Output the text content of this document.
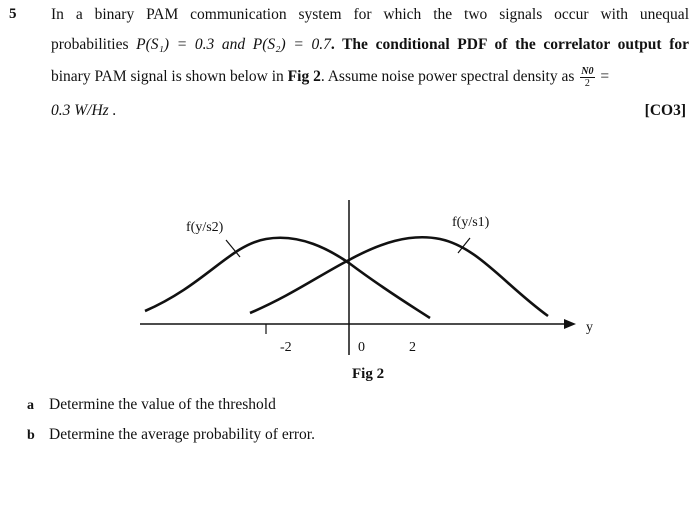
5 In a binary PAM communication system for which the two signals occur with unequal
probabilities P(S₁) = 0.3 and P(S₂) = 0.7. The conditional PDF of the correlator output for
binary PAM signal is shown below in Fig 2. Assume noise power spectral density as $\frac{N0}{2}$ =
0.3 W/Hz .	[CO3]
f(y/s2)	f(y/s1)
-2	0	2
y
Fig 2
a Determine the value of the threshold
b Determine the average probability of error.
